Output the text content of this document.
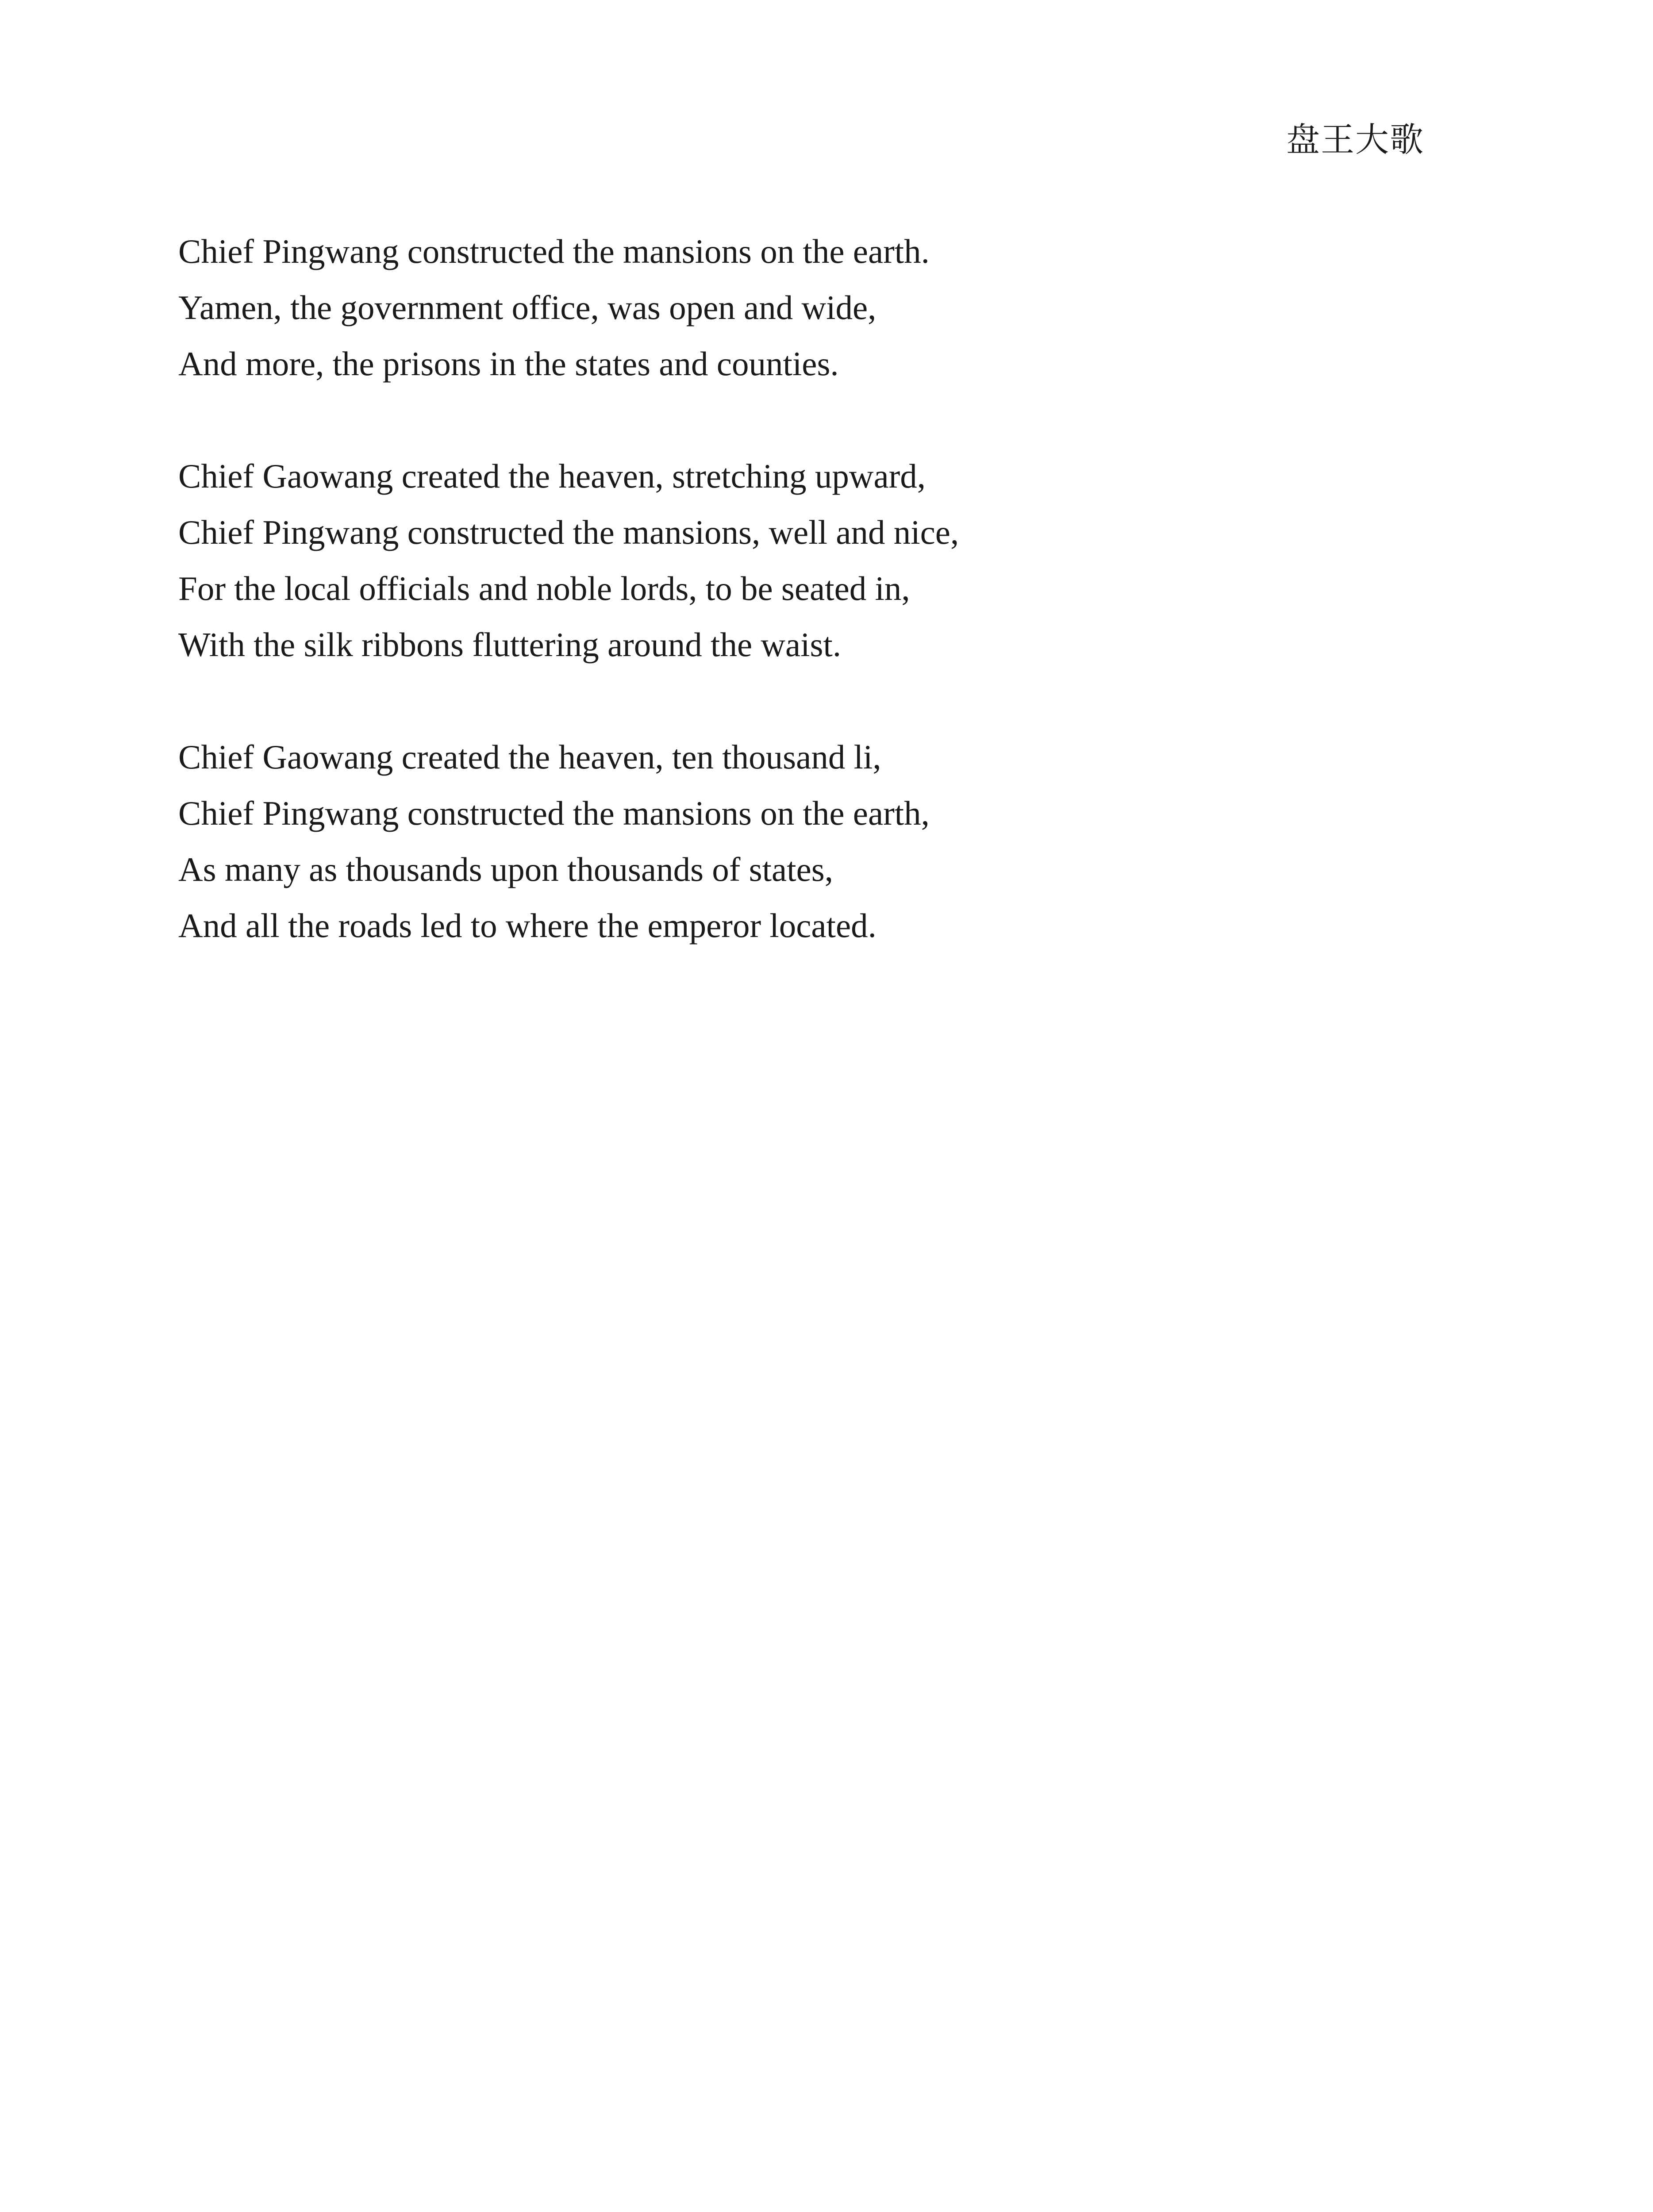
盘王大歌
Chief Pingwang constructed the mansions on the earth.
Yamen, the government office, was open and wide,
And more, the prisons in the states and counties.
Chief Gaowang created the heaven, stretching upward,
Chief Pingwang constructed the mansions, well and nice,
For the local officials and noble lords, to be seated in,
With the silk ribbons fluttering around the waist.
Chief Gaowang created the heaven, ten thousand li,
Chief Pingwang constructed the mansions on the earth,
As many as thousands upon thousands of states,
And all the roads led to where the emperor located.
